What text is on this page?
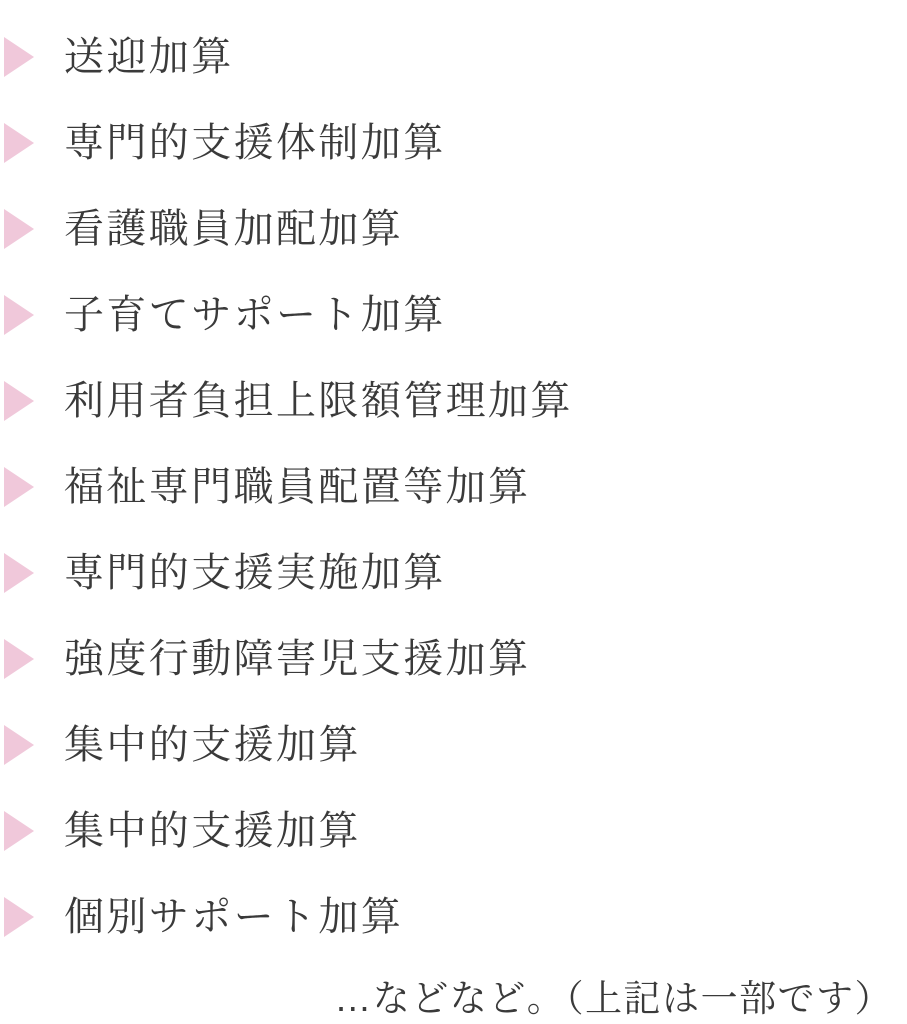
送迎加算
専門的支援体制加算
看護職員加配加算
子育てサポート加算
利用者負担上限額管理加算
福祉専門職員配置等加算
専門的支援実施加算
強度行動障害児支援加算
集中的支援加算
集中的支援加算
個別サポート加算
…などなど。（上記は一部です）
